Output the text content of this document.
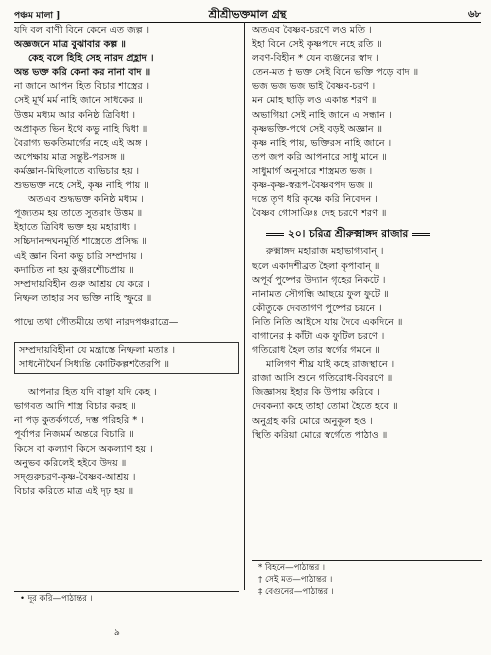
পঞ্চম মালা ]	শ্রীশ্রীভক্তমাল গ্রন্থ	৬৮
যদি বল বাণী বিনে কেনে এত জল্প ।
অজ্ঞজনে মাত্র বুঝাবার কল্প ॥
কেহ বলে হিহি সেহ নারদ প্রহ্লাদ ।
অন্ত ভক্ত করি কেনা কর নানা বাদ ॥
না জানে আপন হিত বিচার শাস্ত্রের ।
সেই মূর্খ মর্ম নাহি জানে সাধকের ॥
উত্তম মধ্যম আর কনিষ্ঠ ত্রিবিধা ।
অপ্রাকৃত ভিন ইথে কভু নাহি দ্বিধা ॥
বৈরাগ্য ভকতিমার্গের নহে এই অঙ্গ ।
অপেক্ষায় মাত্র সন্তুষ্ট-পরসঙ্গ ॥
কর্মজ্ঞান-মিছিলাতে ব্যভিচার হয় ।
শুভভক্ত নহে সেই, কৃষ্ণ নাহি পায় ॥
অতএব শুদ্ধভক্ত কনিষ্ঠ মধ্যম ।
পূজ্যতম হয় তাতে সুতরাং উত্তম ॥
ইহাতে ত্রিবিধ ভক্ত হয় মহারাধ্য ।
সচ্চিদানন্দঘনমূর্তি শাস্ত্রেতে প্রসিদ্ধ ॥
এই জ্ঞান বিনা কভু চারি সম্প্রদায় ।
কদাচিত না হয় কুঞ্জরশৌচপ্রায় ॥
সম্প্রদায়বিহীন গুরু আশ্রয় যে করে ।
নিষ্ফল তাহার সব ভক্তি নাহি স্ফুরে ॥
পাদ্মে তথা গৌতমীয়ে তথা নারদপঞ্চরাত্রে—
সম্প্রদায়বিহীনা যে মন্ত্রাস্তে নিষ্ফলা মতাঃ ।
সাধনৌঘৈর্ন সিধ্যন্তি কোটিকল্পশতৈরপি ॥
আপনার হিত যদি বাঞ্ছা যদি কেহ ।
ভাগবত আদি শাস্ত্র বিচার করহ ॥
না পড় কুতর্কগর্তে, দম্ভ পরিহরি * ।
পূর্বাপর নিজমর্ম অন্তরে বিচারি ॥
কিসে বা কল্যাণ কিসে অকল্যাণ হয় ।
অনুভব করিলেই হইবে উদয় ॥
সদ্গুরুচরণ-কৃষ্ণ-বৈষ্ণব-আশ্রয় ।
বিচার করিতে মাত্র এই দৃঢ় হয় ॥
অতএব বৈষ্ণব-চরণে লও মতি ।
ইহা বিনে সেই কৃষ্ণপদে নহে রতি ॥
লবণ-বিহীন * যেন ব্যঞ্জনের স্বাদ ।
তেন-মত † ভক্ত সেই বিনে ভক্তি পড়ে বাদ ॥
ভজ ভজ ভজ ভাই বৈষ্ণব-চরণ ।
মন মোহ ছাড়ি লও একান্ত শরণ ॥
অভাগিয়া সেই নাহি জানে এ সন্ধান ।
কৃষ্ণভক্তি-পথে সেই বড়ই অজ্ঞান ॥
কৃষ্ণ নাহি পায়, ভক্তিরস নাহি জানে ।
তপ জপ করি আপনারে সাধু মানে ॥
সাধুমার্গ অনুসারে শাস্ত্রমত ভজ ।
কৃষ্ণ-কৃষ্ণ-স্বরূপ-বৈষ্ণবপদ ভজ ॥
দন্তে তৃণ ধরি কৃষ্ণে করি নিবেদন ।
বৈষ্ণব গোসাঞিঃ দেহ চরণে শরণ ॥
২০। চরিত্র শ্রীরুক্মাঙ্গদ রাজার
রুক্মাঙ্গদ মহারাজ মহাভাগ্যবান্ ।
ছলে একাদশীব্রত হৈলা কৃপাবান্ ॥
অপূর্ব পুষ্পের উদ্যান গৃহের নিকটে ।
নানামত সৌগন্ধি আছয়ে ফুল ফুটে ॥
কৌতুকে দেবতাগণ পুষ্পের চয়নে ।
নিতি নিতি আইসে যায় দৈবে একদিনে ॥
বাগানের ‡ কাঁটা এক ফুটিল চরণে ।
গতিরোধ হৈল তার স্বর্গের গমনে ॥
মালিগণ শীঘ্র যাই কহে রাজস্থানে ।
রাজা আসি শুনে গতিরোধ-বিবরণে ॥
জিজ্ঞাসয় ইহার কি উপায় করিবে ।
দেবকন্যা কহে তাহা তোমা হৈতে হবে ॥
অনুগ্রহ করি মোরে অনুকূল হও ।
স্থিতি করিয়া মোরে স্বর্গেতে পাঠাও ॥
• দূর করি—পাঠান্তর ।
* বিহনে—পাঠান্তর ।
† সেই মত—পাঠান্তর ।
‡ বেগুনের—পাঠান্তর ।
৯
